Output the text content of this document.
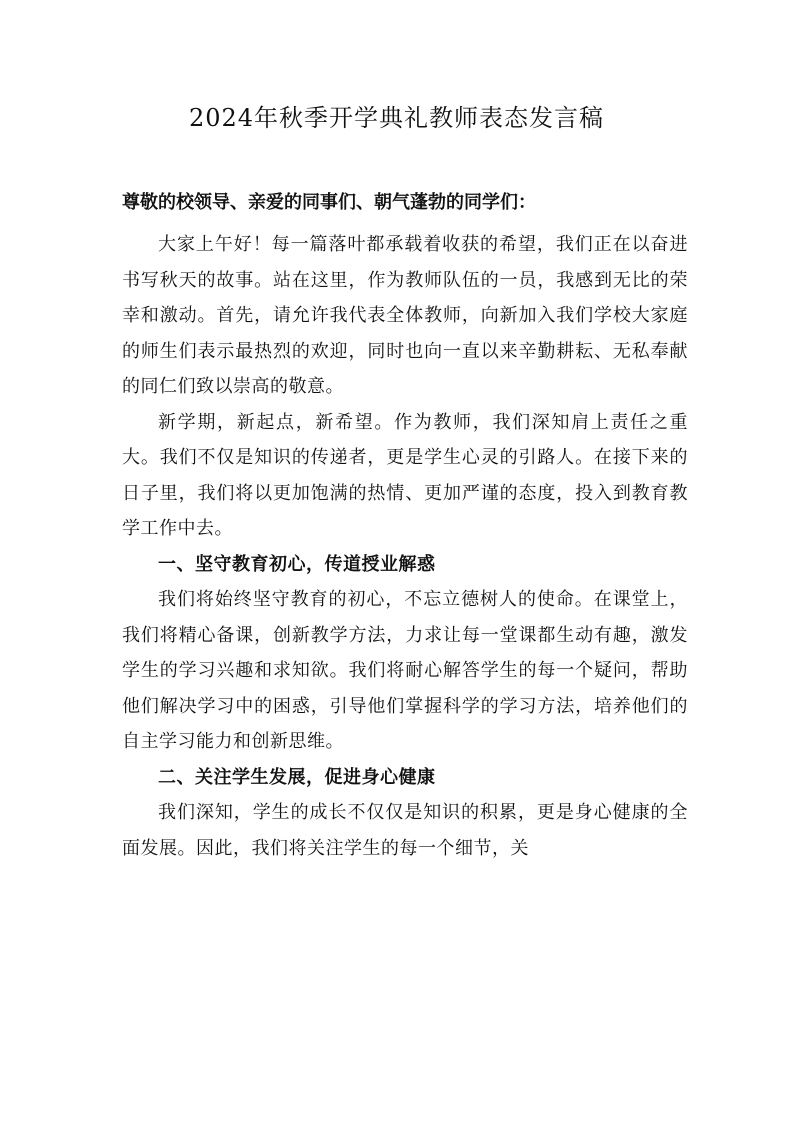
2024年秋季开学典礼教师表态发言稿
尊敬的校领导、亲爱的同事们、朝气蓬勃的同学们：

大家上午好！每一篇落叶都承载着收获的希望，我们正在以奋进书写秋天的故事。站在这里，作为教师队伍的一员，我感到无比的荣幸和激动。首先，请允许我代表全体教师，向新加入我们学校大家庭的师生们表示最热烈的欢迎，同时也向一直以来辛勤耕耘、无私奉献的同仁们致以崇高的敬意。

新学期，新起点，新希望。作为教师，我们深知肩上责任之重大。我们不仅是知识的传递者，更是学生心灵的引路人。在接下来的日子里，我们将以更加饱满的热情、更加严谨的态度，投入到教育教学工作中去。

一、坚守教育初心，传道授业解惑

我们将始终坚守教育的初心，不忘立德树人的使命。在课堂上，我们将精心备课，创新教学方法，力求让每一堂课都生动有趣，激发学生的学习兴趣和求知欲。我们将耐心解答学生的每一个疑问，帮助他们解决学习中的困惑，引导他们掌握科学的学习方法，培养他们的自主学习能力和创新思维。

二、关注学生发展，促进身心健康

我们深知，学生的成长不仅仅是知识的积累，更是身心健康的全面发展。因此，我们将关注学生的每一个细节，关
